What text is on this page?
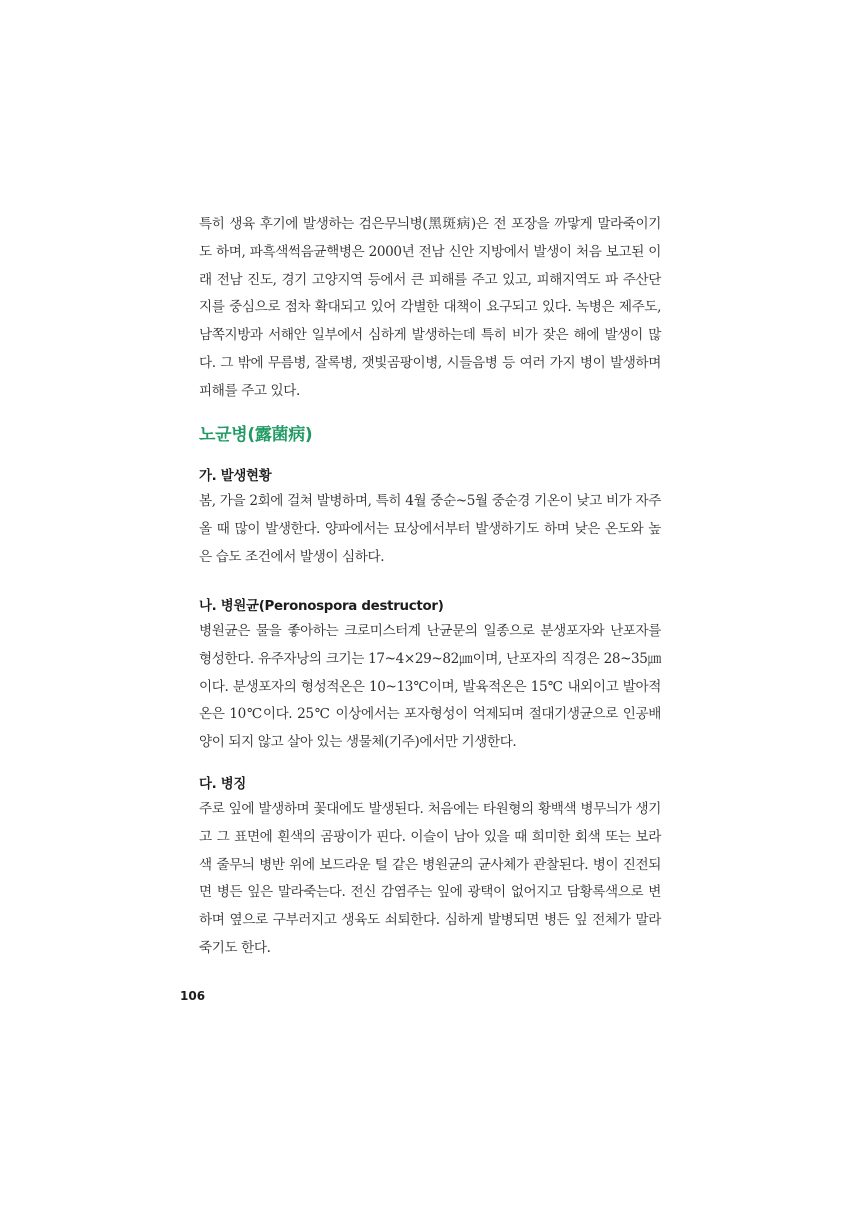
특히 생육 후기에 발생하는 검은무늬병(黑斑病)은 전 포장을 까맣게 말라죽이기도 하며, 파흑색썩음균핵병은 2000년 전남 신안 지방에서 발생이 처음 보고된 이래 전남 진도, 경기 고양지역 등에서 큰 피해를 주고 있고, 피해지역도 파 주산단지를 중심으로 점차 확대되고 있어 각별한 대책이 요구되고 있다. 녹병은 제주도, 남쪽지방과 서해안 일부에서 심하게 발생하는데 특히 비가 잦은 해에 발생이 많다. 그 밖에 무름병, 잘록병, 잿빛곰팡이병, 시들음병 등 여러 가지 병이 발생하며 피해를 주고 있다.

노균병(露菌病)
가. 발생현황

봄, 가을 2회에 걸쳐 발병하며, 특히 4월 중순~5월 중순경 기온이 낮고 비가 자주 올 때 많이 발생한다. 양파에서는 묘상에서부터 발생하기도 하며 낮은 온도와 높은 습도 조건에서 발생이 심하다.

나. 병원균(Peronospora destructor)

병원균은 물을 좋아하는 크로미스터계 난균문의 일종으로 분생포자와 난포자를 형성한다. 유주자낭의 크기는 17~4×29~82㎛이며, 난포자의 직경은 28~35㎛이다. 분생포자의 형성적온은 10~13℃이며, 발육적온은 15℃ 내외이고 발아적온은 10℃이다. 25℃ 이상에서는 포자형성이 억제되며 절대기생균으로 인공배양이 되지 않고 살아 있는 생물체(기주)에서만 기생한다.

다. 병징

주로 잎에 발생하며 꽃대에도 발생된다. 처음에는 타원형의 황백색 병무늬가 생기고 그 표면에 흰색의 곰팡이가 핀다. 이슬이 남아 있을 때 희미한 회색 또는 보라색 줄무늬 병반 위에 보드라운 털 같은 병원균의 균사체가 관찰된다. 병이 진전되면 병든 잎은 말라죽는다. 전신 감염주는 잎에 광택이 없어지고 담황록색으로 변하며 옆으로 구부러지고 생육도 쇠퇴한다. 심하게 발병되면 병든 잎 전체가 말라죽기도 한다.

106
